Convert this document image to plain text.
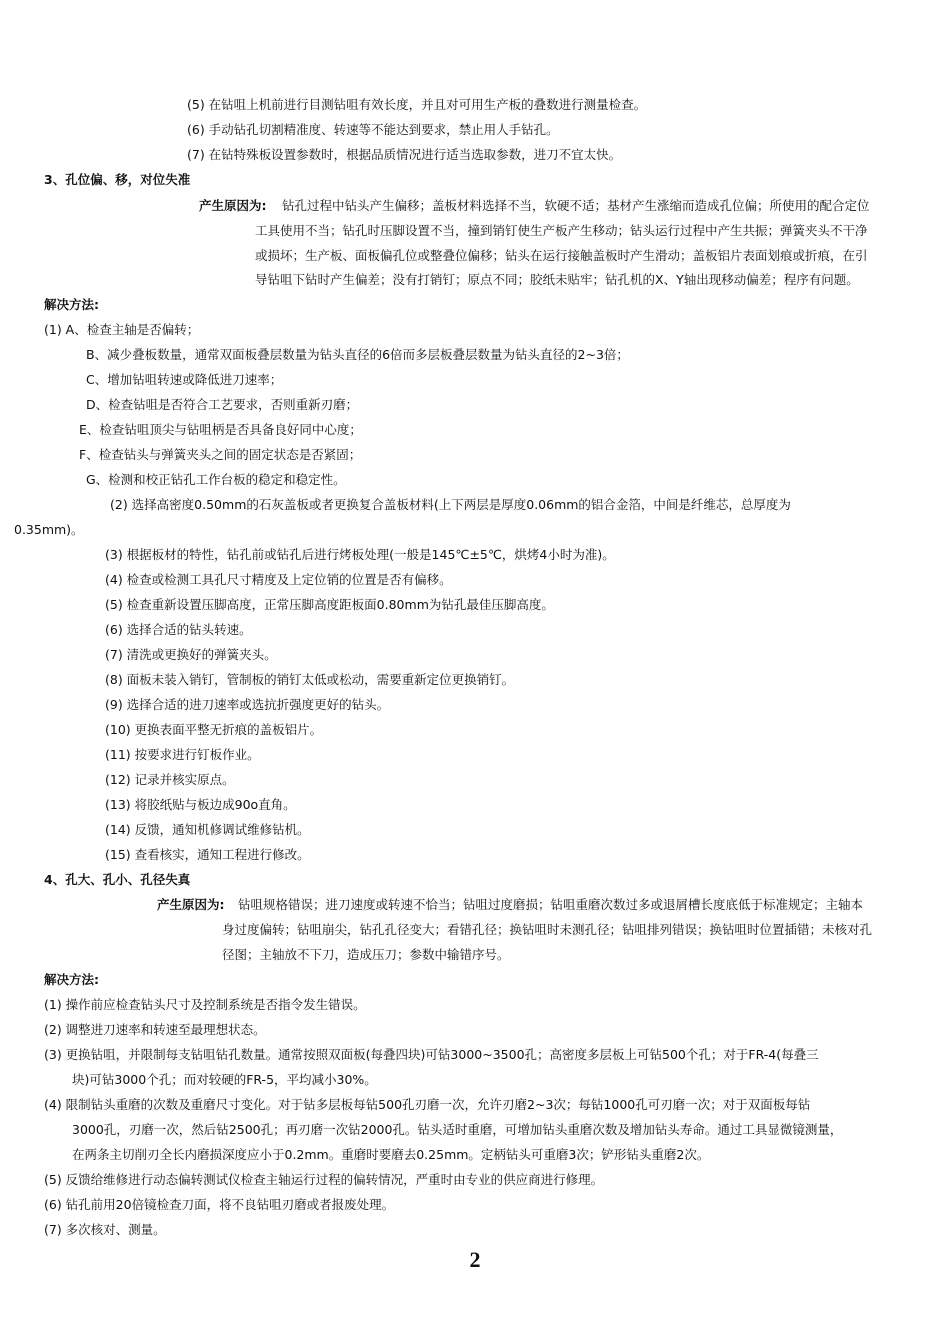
(5) 在钻咀上机前进行目测钻咀有效长度，并且对可用生产板的叠数进行测量检查。
(6) 手动钻孔切割精准度、转速等不能达到要求，禁止用人手钻孔。
(7) 在钻特殊板设置参数时，根据品质情况进行适当选取参数，进刀不宜太快。
3、孔位偏、移，对位失准
产生原因为: 钻孔过程中钻头产生偏移；盖板材料选择不当，软硬不适；基材产生涨缩而造成孔位偏；所使用的配合定位
工具使用不当；钻孔时压脚设置不当，撞到销钉使生产板产生移动；钻头运行过程中产生共振；弹簧夹头不干净
或损坏；生产板、面板偏孔位或整叠位偏移；钻头在运行接触盖板时产生滑动；盖板铝片表面划痕或折痕，在引
导钻咀下钻时产生偏差；没有打销钉；原点不同；胶纸未贴牢；钻孔机的X、Y轴出现移动偏差；程序有问题。
解决方法:
(1) A、检查主轴是否偏转；
B、减少叠板数量，通常双面板叠层数量为钻头直径的6倍而多层板叠层数量为钻头直径的2~3倍；
C、增加钻咀转速或降低进刀速率；
D、检查钻咀是否符合工艺要求，否则重新刃磨；
E、检查钻咀顶尖与钻咀柄是否具备良好同中心度；
F、检查钻头与弹簧夹头之间的固定状态是否紧固；
G、检测和校正钻孔工作台板的稳定和稳定性。
(2) 选择高密度0.50mm的石灰盖板或者更换复合盖板材料(上下两层是厚度0.06mm的铝合金箔，中间是纤维芯，总厚度为
0.35mm)。
(3) 根据板材的特性，钻孔前或钻孔后进行烤板处理(一般是145℃±5℃，烘烤4小时为准)。
(4) 检查或检测工具孔尺寸精度及上定位销的位置是否有偏移。
(5) 检查重新设置压脚高度，正常压脚高度距板面0.80mm为钻孔最佳压脚高度。
(6) 选择合适的钻头转速。
(7) 清洗或更换好的弹簧夹头。
(8) 面板未装入销钉，管制板的销钉太低或松动，需要重新定位更换销钉。
(9) 选择合适的进刀速率或选抗折强度更好的钻头。
(10) 更换表面平整无折痕的盖板铝片。
(11) 按要求进行钉板作业。
(12) 记录并核实原点。
(13) 将胶纸贴与板边成90o直角。
(14) 反馈，通知机修调试维修钻机。
(15) 查看核实，通知工程进行修改。
4、孔大、孔小、孔径失真
产生原因为: 钻咀规格错误；进刀速度或转速不恰当；钻咀过度磨损；钻咀重磨次数过多或退屑槽长度底低于标准规定；主轴本
身过度偏转；钻咀崩尖，钻孔孔径变大；看错孔径；换钻咀时未测孔径；钻咀排列错误；换钻咀时位置插错；未核对孔
径图；主轴放不下刀，造成压刀；参数中输错序号。
解决方法:
(1) 操作前应检查钻头尺寸及控制系统是否指令发生错误。
(2) 调整进刀速率和转速至最理想状态。
(3) 更换钻咀，并限制每支钻咀钻孔数量。通常按照双面板(每叠四块)可钻3000~3500孔；高密度多层板上可钻500个孔；对于FR-4(每叠三
块)可钻3000个孔；而对较硬的FR-5，平均减小30%。
(4) 限制钻头重磨的次数及重磨尺寸变化。对于钻多层板每钻500孔刃磨一次，允许刃磨2~3次；每钻1000孔可刃磨一次；对于双面板每钻
3000孔，刃磨一次，然后钻2500孔；再刃磨一次钻2000孔。钻头适时重磨，可增加钻头重磨次数及增加钻头寿命。通过工具显微镜测量，
在两条主切削刃全长内磨损深度应小于0.2mm。重磨时要磨去0.25mm。定柄钻头可重磨3次；铲形钻头重磨2次。
(5) 反馈给维修进行动态偏转测试仪检查主轴运行过程的偏转情况，严重时由专业的供应商进行修理。
(6) 钻孔前用20倍镜检查刀面，将不良钻咀刃磨或者报废处理。
(7) 多次核对、测量。
2
